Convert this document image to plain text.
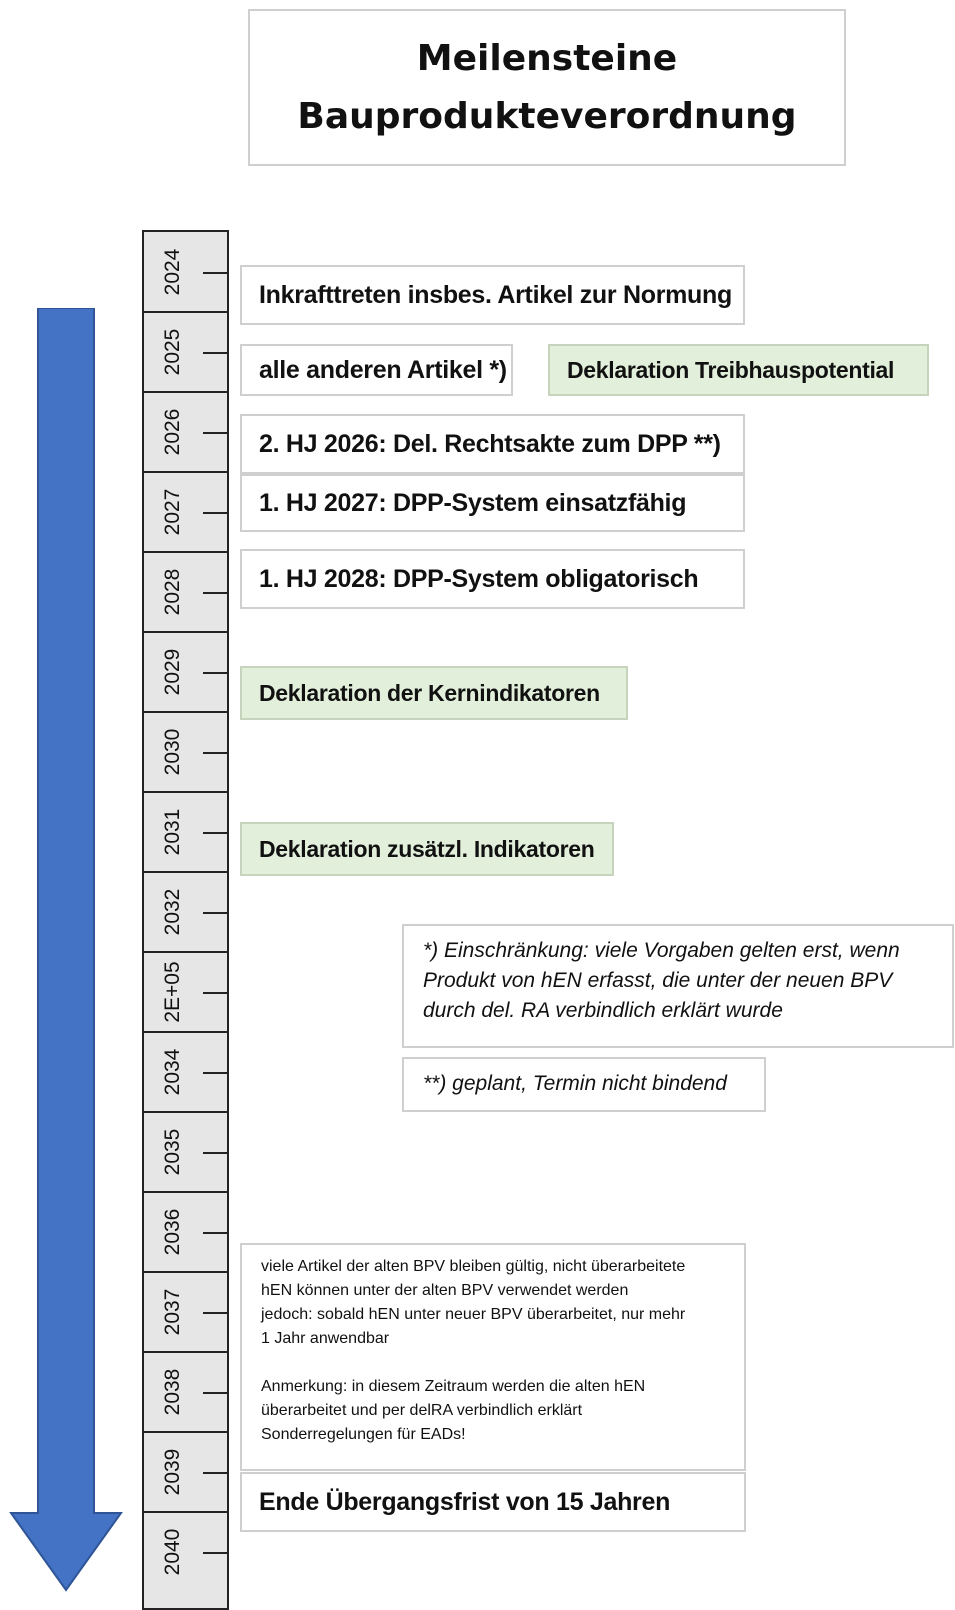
Meilensteine
Bauprodukteverordnung
2024
2025
2026
2027
2028
2029
2030
2031
2032
2E+05
2034
2035
2036
2037
2038
2039
2040
Inkrafttreten insbes. Artikel zur Normung
alle anderen Artikel *)	Deklaration Treibhauspotential
2. HJ 2026: Del. Rechtsakte zum DPP **)
1. HJ 2027: DPP-System einsatzfähig
1. HJ 2028: DPP-System obligatorisch
Deklaration der Kernindikatoren
Deklaration zusätzl. Indikatoren
*) Einschränkung: viele Vorgaben gelten erst, wenn
Produkt von hEN erfasst, die unter der neuen BPV
durch del. RA verbindlich erklärt wurde
**) geplant, Termin nicht bindend
viele Artikel der alten BPV bleiben gültig, nicht überarbeitete
hEN können unter der alten BPV verwendet werden
jedoch: sobald hEN unter neuer BPV überarbeitet, nur mehr
1 Jahr anwendbar
Anmerkung: in diesem Zeitraum werden die alten hEN
überarbeitet und per delRA verbindlich erklärt
Sonderregelungen für EADs!
Ende Übergangsfrist von 15 Jahren
